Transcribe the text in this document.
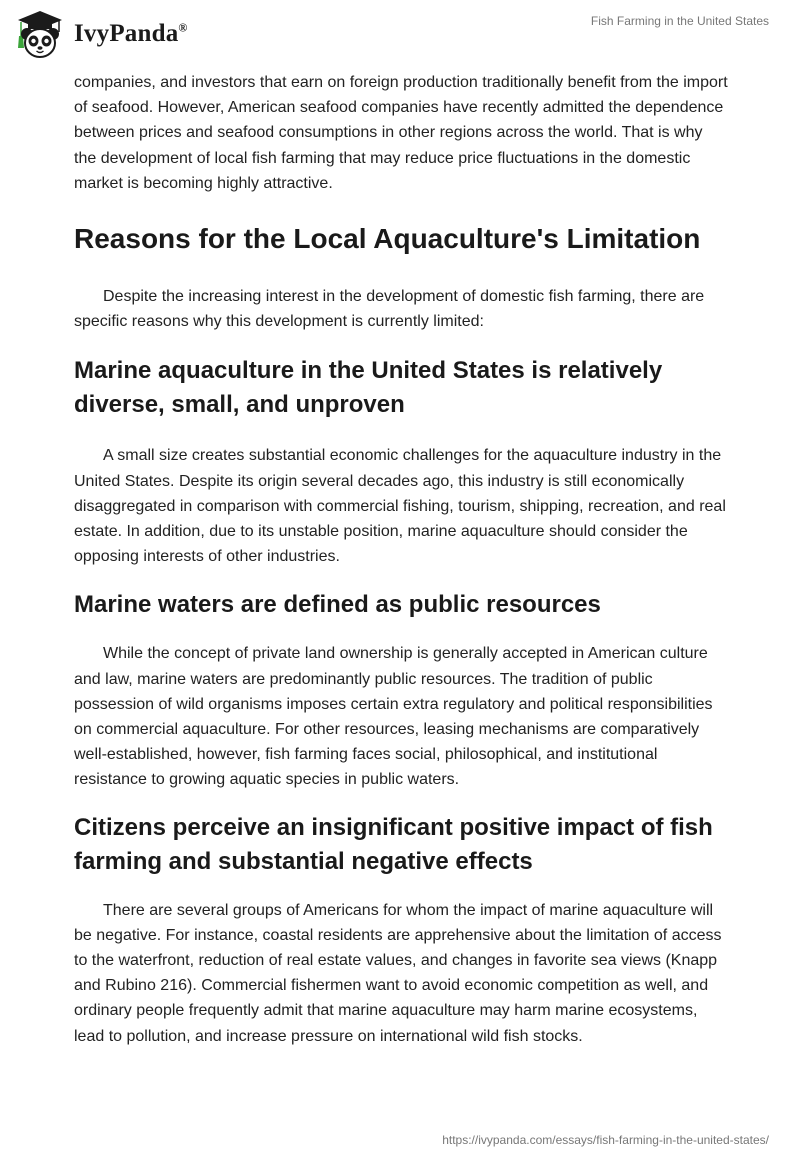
IvyPanda®	Fish Farming in the United States

companies, and investors that earn on foreign production traditionally benefit from the import of seafood. However, American seafood companies have recently admitted the dependence between prices and seafood consumptions in other regions across the world. That is why the development of local fish farming that may reduce price fluctuations in the domestic market is becoming highly attractive.

Reasons for the Local Aquaculture's Limitation

Despite the increasing interest in the development of domestic fish farming, there are specific reasons why this development is currently limited:

Marine aquaculture in the United States is relatively diverse, small, and unproven

A small size creates substantial economic challenges for the aquaculture industry in the United States. Despite its origin several decades ago, this industry is still economically disaggregated in comparison with commercial fishing, tourism, shipping, recreation, and real estate. In addition, due to its unstable position, marine aquaculture should consider the opposing interests of other industries.

Marine waters are defined as public resources

While the concept of private land ownership is generally accepted in American culture and law, marine waters are predominantly public resources. The tradition of public possession of wild organisms imposes certain extra regulatory and political responsibilities on commercial aquaculture. For other resources, leasing mechanisms are comparatively well-established, however, fish farming faces social, philosophical, and institutional resistance to growing aquatic species in public waters.

Citizens perceive an insignificant positive impact of fish farming and substantial negative effects

There are several groups of Americans for whom the impact of marine aquaculture will be negative. For instance, coastal residents are apprehensive about the limitation of access to the waterfront, reduction of real estate values, and changes in favorite sea views (Knapp and Rubino 216). Commercial fishermen want to avoid economic competition as well, and ordinary people frequently admit that marine aquaculture may harm marine ecosystems, lead to pollution, and increase pressure on international wild fish stocks.

https://ivypanda.com/essays/fish-farming-in-the-united-states/
